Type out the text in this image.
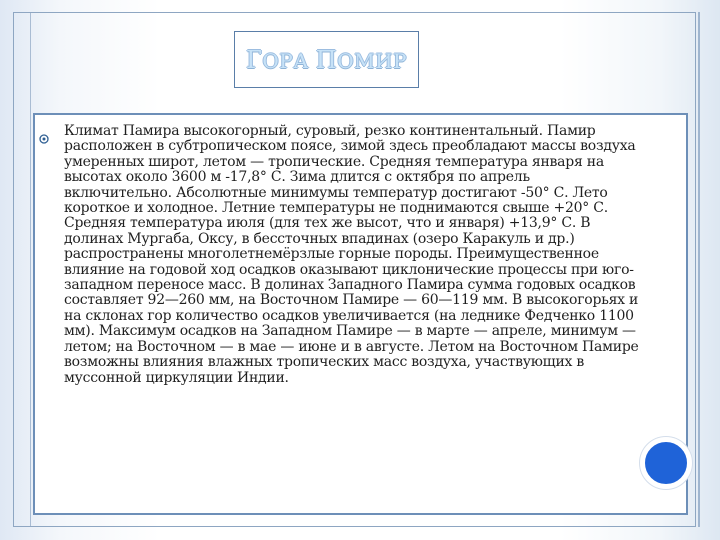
ГОРА ПОМИР

Климат Памира высокогорный, суровый, резко континентальный. Памир расположен в субтропическом поясе, зимой здесь преобладают массы воздуха умеренных широт, летом — тропические. Средняя температура января на высотах около 3600 м -17,8° С. Зима длится с октября по апрель включительно. Абсолютные минимумы температур достигают -50° С. Лето короткое и холодное. Летние температуры не поднимаются свыше +20° С. Средняя температура июля (для тех же высот, что и января) +13,9° С. В долинах Мургаба, Оксу, в бессточных впадинах (озеро Каракуль и др.) распространены многолетнемёрзлые горные породы. Преимущественное влияние на годовой ход осадков оказывают циклонические процессы при юго-западном переносе масс. В долинах Западного Памира сумма годовых осадков составляет 92—260 мм, на Восточном Памире — 60—119 мм. В высокогорьях и на склонах гор количество осадков увеличивается (на леднике Федченко 1100 мм). Максимум осадков на Западном Памире — в марте — апреле, минимум — летом; на Восточном — в мае — июне и в августе. Летом на Восточном Памире возможны влияния влажных тропических масс воздуха, участвующих в муссонной циркуляции Индии.
